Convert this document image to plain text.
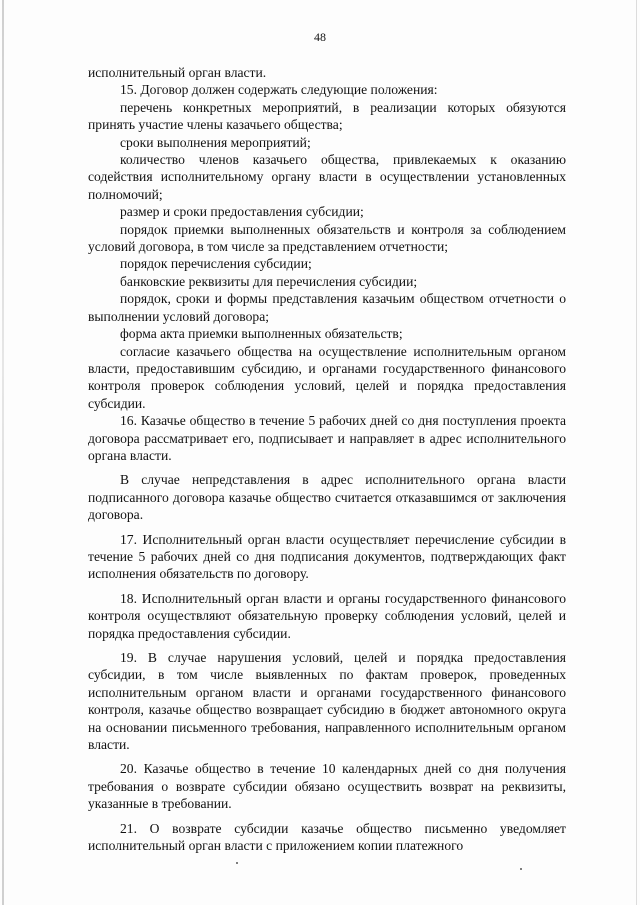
48

исполнительный орган власти.

15. Договор должен содержать следующие положения:

перечень конкретных мероприятий, в реализации которых обязуются принять участие члены казачьего общества;

сроки выполнения мероприятий;

количество членов казачьего общества, привлекаемых к оказанию содействия исполнительному органу власти в осуществлении установленных полномочий;

размер и сроки предоставления субсидии;

порядок приемки выполненных обязательств и контроля за соблюдением условий договора, в том числе за представлением отчетности;

порядок перечисления субсидии;

банковские реквизиты для перечисления субсидии;

порядок, сроки и формы представления казачьим обществом отчетности о выполнении условий договора;

форма акта приемки выполненных обязательств;

согласие казачьего общества на осуществление исполнительным органом власти, предоставившим субсидию, и органами государственного финансового контроля проверок соблюдения условий, целей и порядка предоставления субсидии.

16. Казачье общество в течение 5 рабочих дней со дня поступления проекта договора рассматривает его, подписывает и направляет в адрес исполнительного органа власти.

В случае непредставления в адрес исполнительного органа власти подписанного договора казачье общество считается отказавшимся от заключения договора.

17. Исполнительный орган власти осуществляет перечисление субсидии в течение 5 рабочих дней со дня подписания документов, подтверждающих факт исполнения обязательств по договору.

18. Исполнительный орган власти и органы государственного финансового контроля осуществляют обязательную проверку соблюдения условий, целей и порядка предоставления субсидии.

19. В случае нарушения условий, целей и порядка предоставления субсидии, в том числе выявленных по фактам проверок, проведенных исполнительным органом власти и органами государственного финансового контроля, казачье общество возвращает субсидию в бюджет автономного округа на основании письменного требования, направленного исполнительным органом власти.

20. Казачье общество в течение 10 календарных дней со дня получения требования о возврате субсидии обязано осуществить возврат на реквизиты, указанные в требовании.

21. О возврате субсидии казачье общество письменно уведомляет исполнительный орган власти с приложением копии платежного
